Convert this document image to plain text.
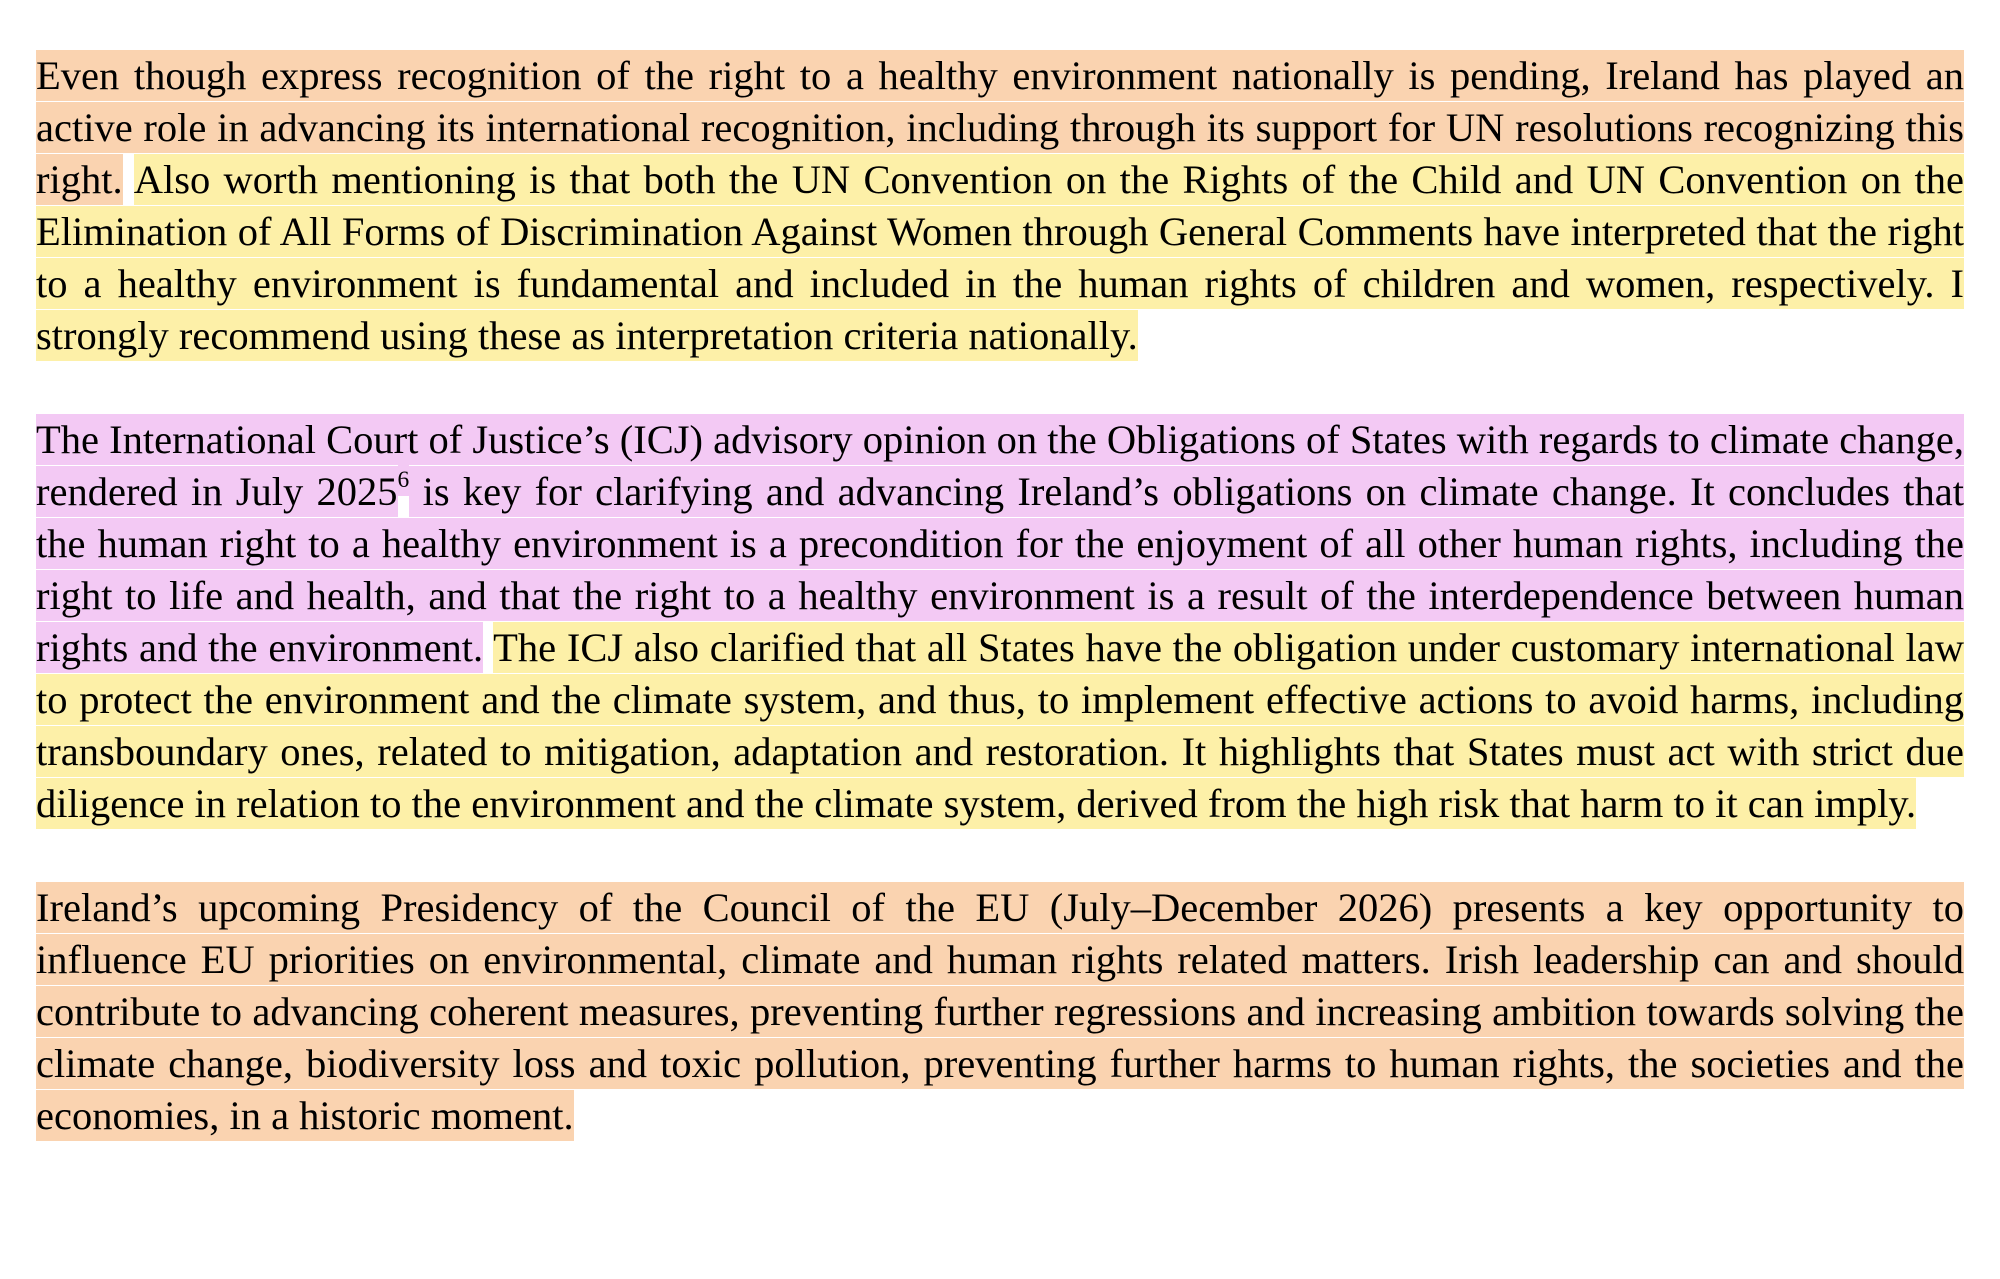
Even though express recognition of the right to a healthy environment nationally is pending, Ireland has played an active role in advancing its international recognition, including through its support for UN resolutions recognizing this right. Also worth mentioning is that both the UN Convention on the Rights of the Child and UN Convention on the Elimination of All Forms of Discrimination Against Women through General Comments have interpreted that the right to a healthy environment is fundamental and included in the human rights of children and women, respectively. I strongly recommend using these as interpretation criteria nationally.

The International Court of Justice’s (ICJ) advisory opinion on the Obligations of States with regards to climate change, rendered in July 2025$^6$ is key for clarifying and advancing Ireland’s obligations on climate change. It concludes that the human right to a healthy environment is a precondition for the enjoyment of all other human rights, including the right to life and health, and that the right to a healthy environment is a result of the interdependence between human rights and the environment. The ICJ also clarified that all States have the obligation under customary international law to protect the environment and the climate system, and thus, to implement effective actions to avoid harms, including transboundary ones, related to mitigation, adaptation and restoration. It highlights that States must act with strict due diligence in relation to the environment and the climate system, derived from the high risk that harm to it can imply.

Ireland’s upcoming Presidency of the Council of the EU (July–December 2026) presents a key opportunity to influence EU priorities on environmental, climate and human rights related matters. Irish leadership can and should contribute to advancing coherent measures, preventing further regressions and increasing ambition towards solving the climate change, biodiversity loss and toxic pollution, preventing further harms to human rights, the societies and the economies, in a historic moment.
